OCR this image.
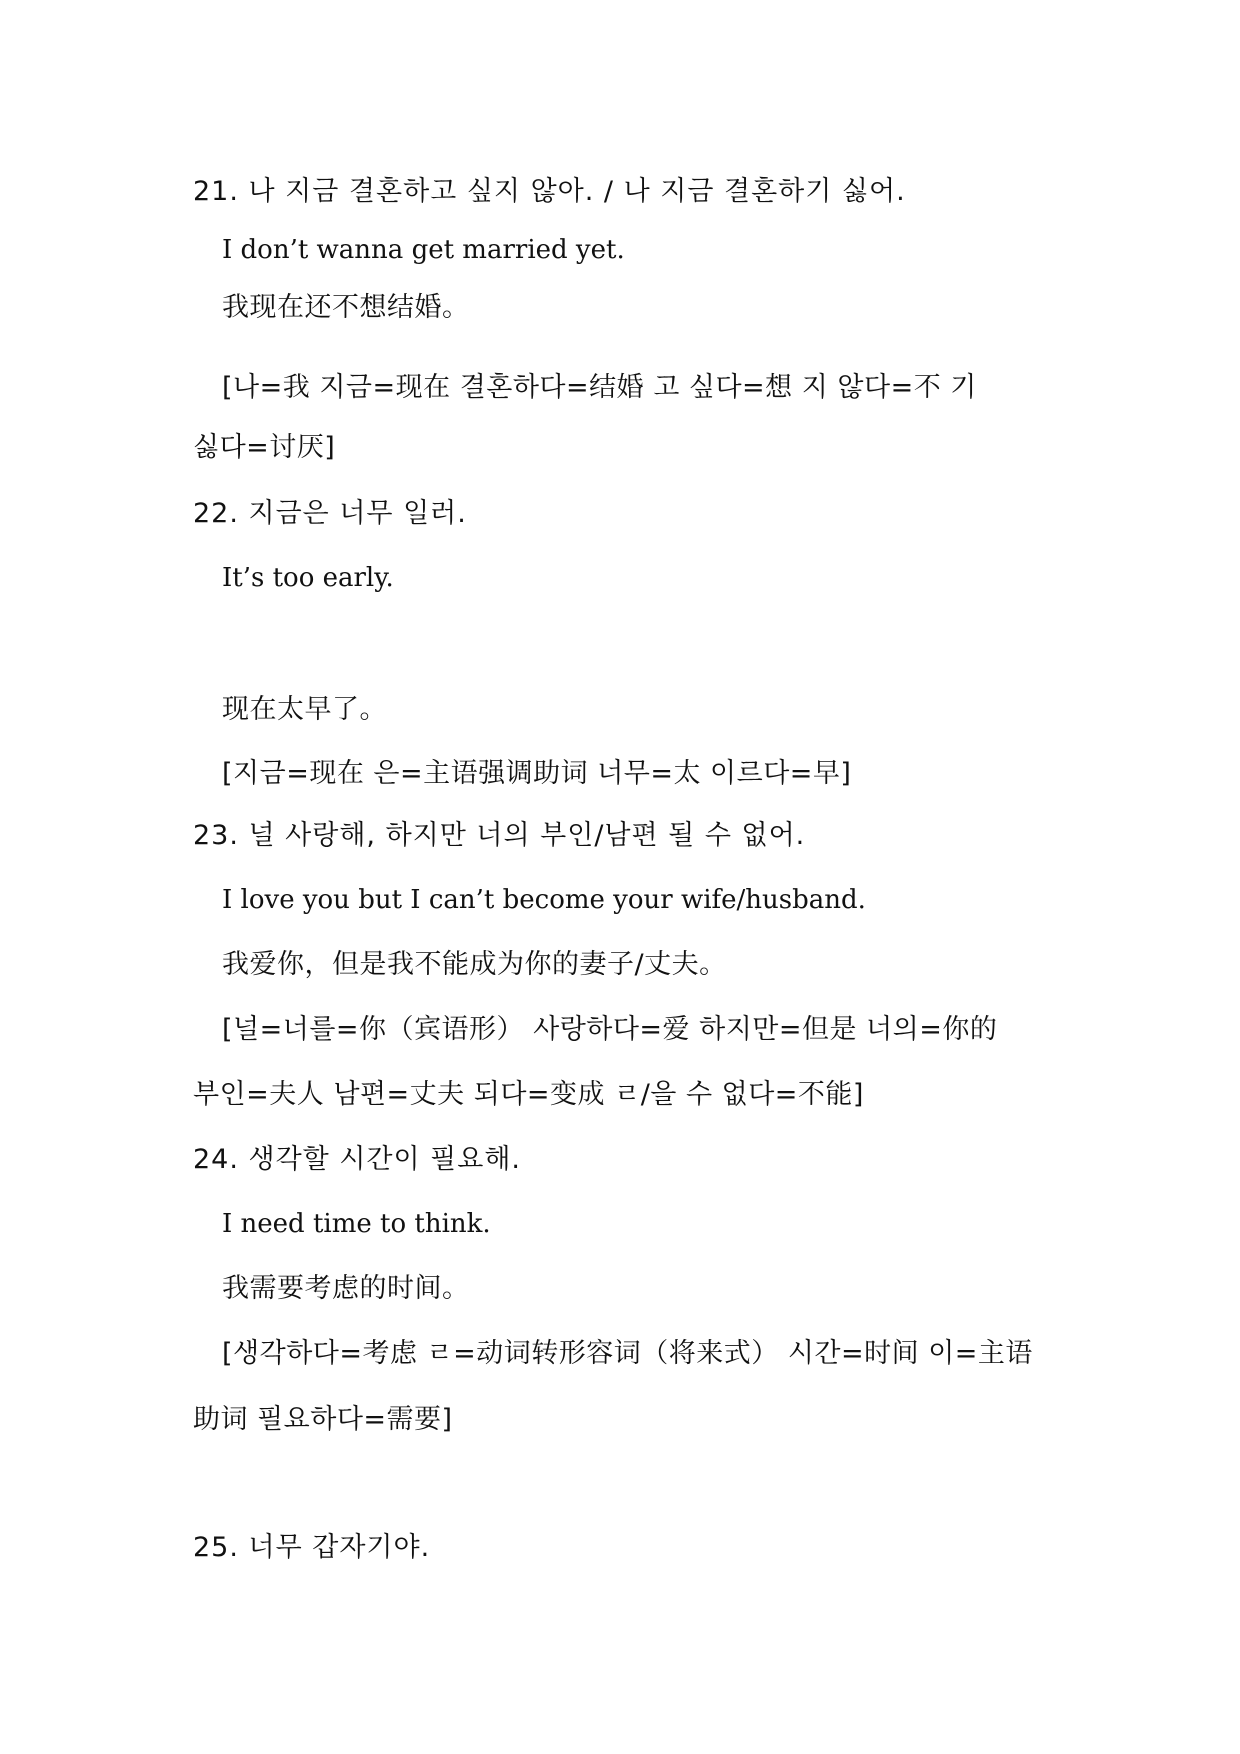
21. 나 지금 결혼하고 싶지 않아. / 나 지금 결혼하기 싫어.
I don’t wanna get married yet.
我现在还不想结婚。
[나=我 지금=现在 결혼하다=结婚 고 싶다=想 지 않다=不 기
싫다=讨厌]
22. 지금은 너무 일러.
It’s too early.
现在太早了。
[지금=现在 은=主语强调助词 너무=太 이르다=早]
23. 널 사랑해, 하지만 너의 부인/남편 될 수 없어.
I love you but I can’t become your wife/husband.
我爱你，但是我不能成为你的妻子/丈夫。
[널=너를=你（宾语形） 사랑하다=爱 하지만=但是 너의=你的
부인=夫人 남편=丈夫 되다=变成 ㄹ/을 수 없다=不能]
24. 생각할 시간이 필요해.
I need time to think.
我需要考虑的时间。
[생각하다=考虑 ㄹ=动词转形容词（将来式） 시간=时间 이=主语
助词 필요하다=需要]
25. 너무 갑자기야.
